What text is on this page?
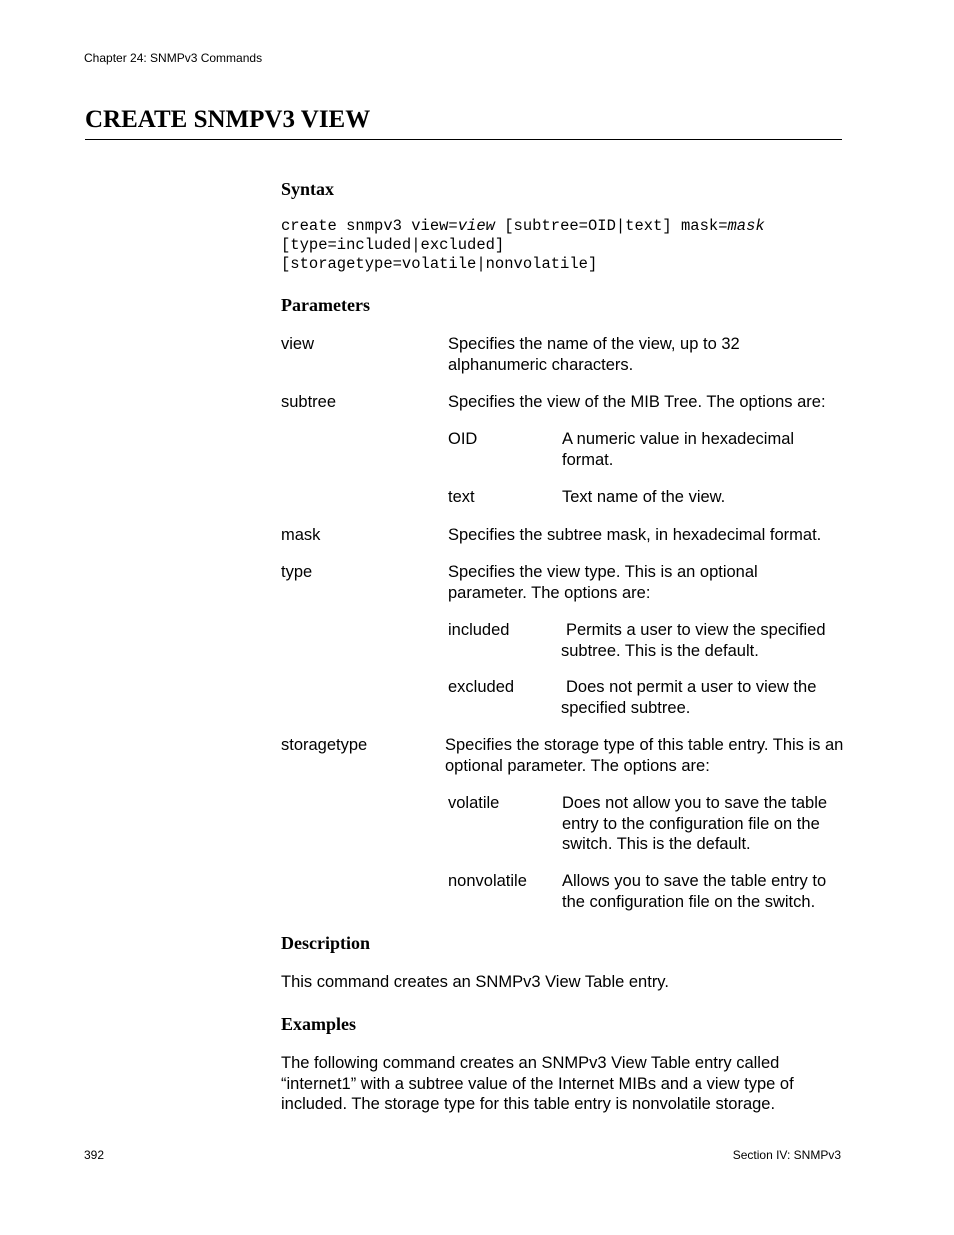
Chapter 24: SNMPv3 Commands
CREATE SNMPV3 VIEW
Syntax
create snmpv3 view=view [subtree=OID|text] mask=mask
[type=included|excluded]
[storagetype=volatile|nonvolatile]
Parameters
view	Specifies the name of the view, up to 32 alphanumeric characters.
subtree	Specifies the view of the MIB Tree. The options are:
OID	A numeric value in hexadecimal format.
text	Text name of the view.
mask	Specifies the subtree mask, in hexadecimal format.
type	Specifies the view type. This is an optional parameter. The options are:
included	Permits a user to view the specified subtree. This is the default.
excluded	Does not permit a user to view the specified subtree.
storagetype	Specifies the storage type of this table entry. This is an optional parameter. The options are:
volatile	Does not allow you to save the table entry to the configuration file on the switch. This is the default.
nonvolatile Allows you to save the table entry to the configuration file on the switch.
Description
This command creates an SNMPv3 View Table entry.
Examples
The following command creates an SNMPv3 View Table entry called “internet1” with a subtree value of the Internet MIBs and a view type of included. The storage type for this table entry is nonvolatile storage.
392	Section IV: SNMPv3
